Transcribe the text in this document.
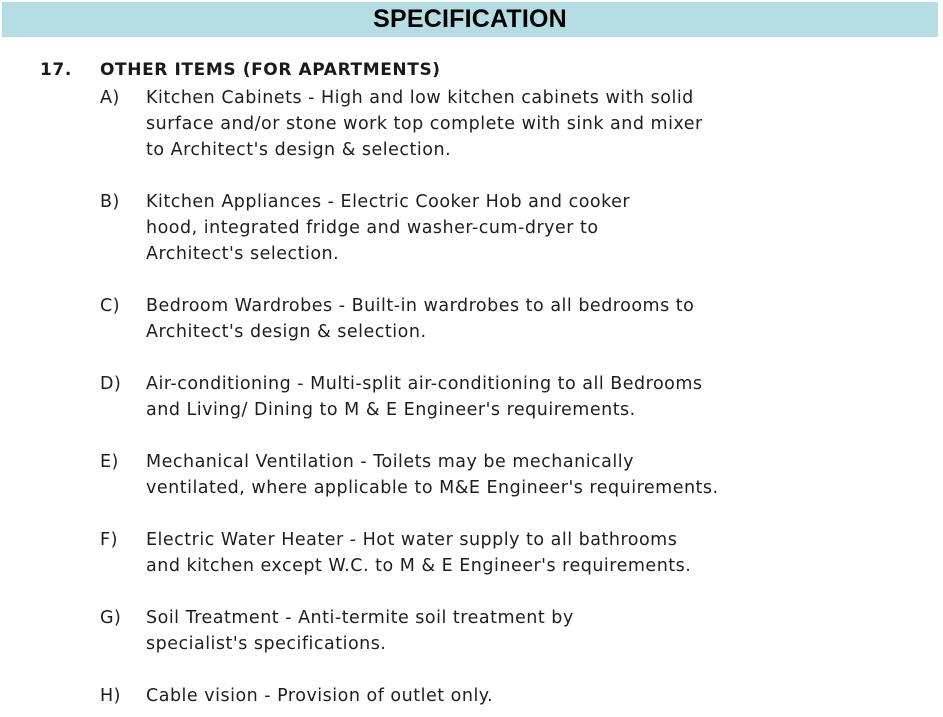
SPECIFICATION
17.	OTHER ITEMS (FOR APARTMENTS)
A)	Kitchen Cabinets - High and low kitchen cabinets with solid
surface and/or stone work top complete with sink and mixer
to Architect's design & selection.
B)	Kitchen Appliances - Electric Cooker Hob and cooker
hood, integrated fridge and washer-cum-dryer to
Architect's selection.
C)	Bedroom Wardrobes - Built-in wardrobes to all bedrooms to
Architect's design & selection.
D)	Air-conditioning - Multi-split air-conditioning to all Bedrooms
and Living/ Dining to M & E Engineer's requirements.
E)	Mechanical Ventilation - Toilets may be mechanically
ventilated, where applicable to M&E Engineer's requirements.
F)	Electric Water Heater - Hot water supply to all bathrooms
and kitchen except W.C. to M & E Engineer's requirements.
G)	Soil Treatment - Anti-termite soil treatment by
specialist's specifications.
H)	Cable vision - Provision of outlet only.
